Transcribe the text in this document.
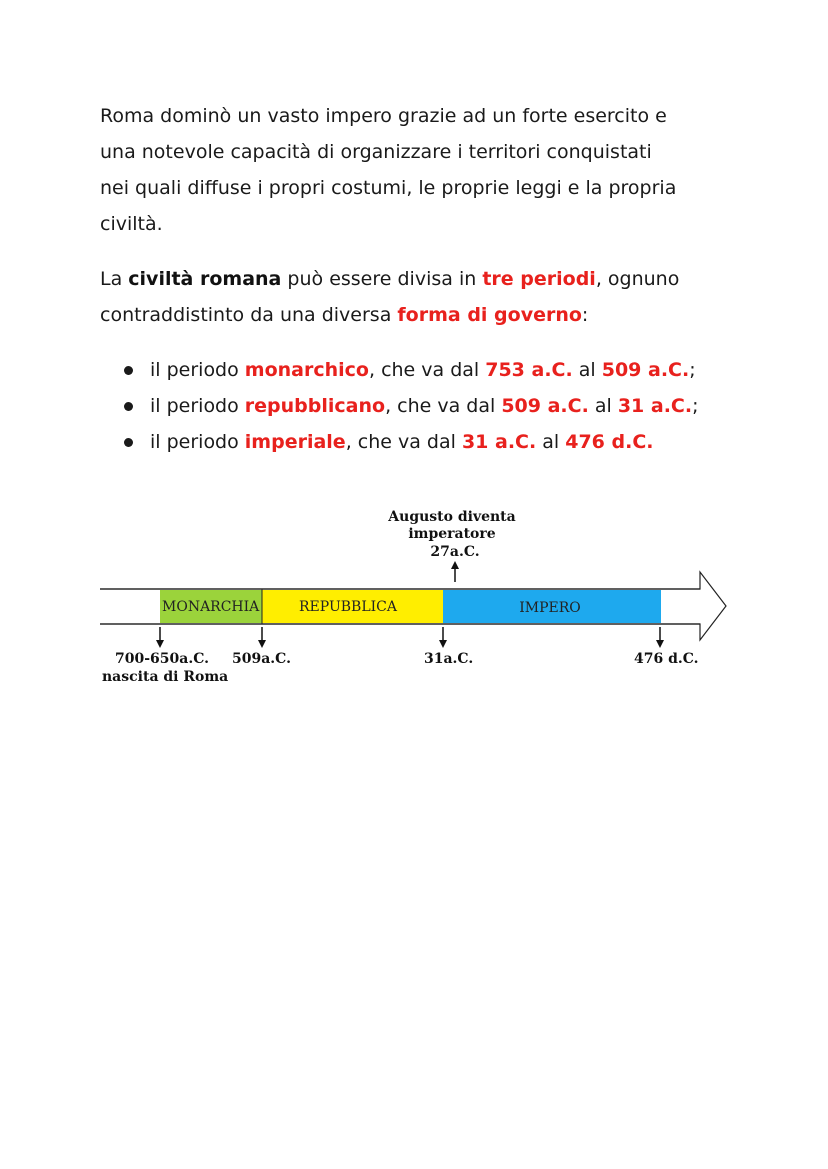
Roma dominò un vasto impero grazie ad un forte esercito e
una notevole capacità di organizzare i territori conquistati
nei quali diffuse i propri costumi, le proprie leggi e la propria
civiltà.

La civiltà romana può essere divisa in tre periodi, ognuno
contraddistinto da una diversa forma di governo:

il periodo monarchico, che va dal 753 a.C. al 509 a.C.;
il periodo repubblicano, che va dal 509 a.C. al 31 a.C.;
il periodo imperiale, che va dal 31 a.C. al 476 d.C.
Augusto diventa
imperatore
27a.C.
MONARCHIA	REPUBBLICA	IMPERO
700-650a.C.
nascita di Roma
509a.C.	31a.C.	476 d.C.
